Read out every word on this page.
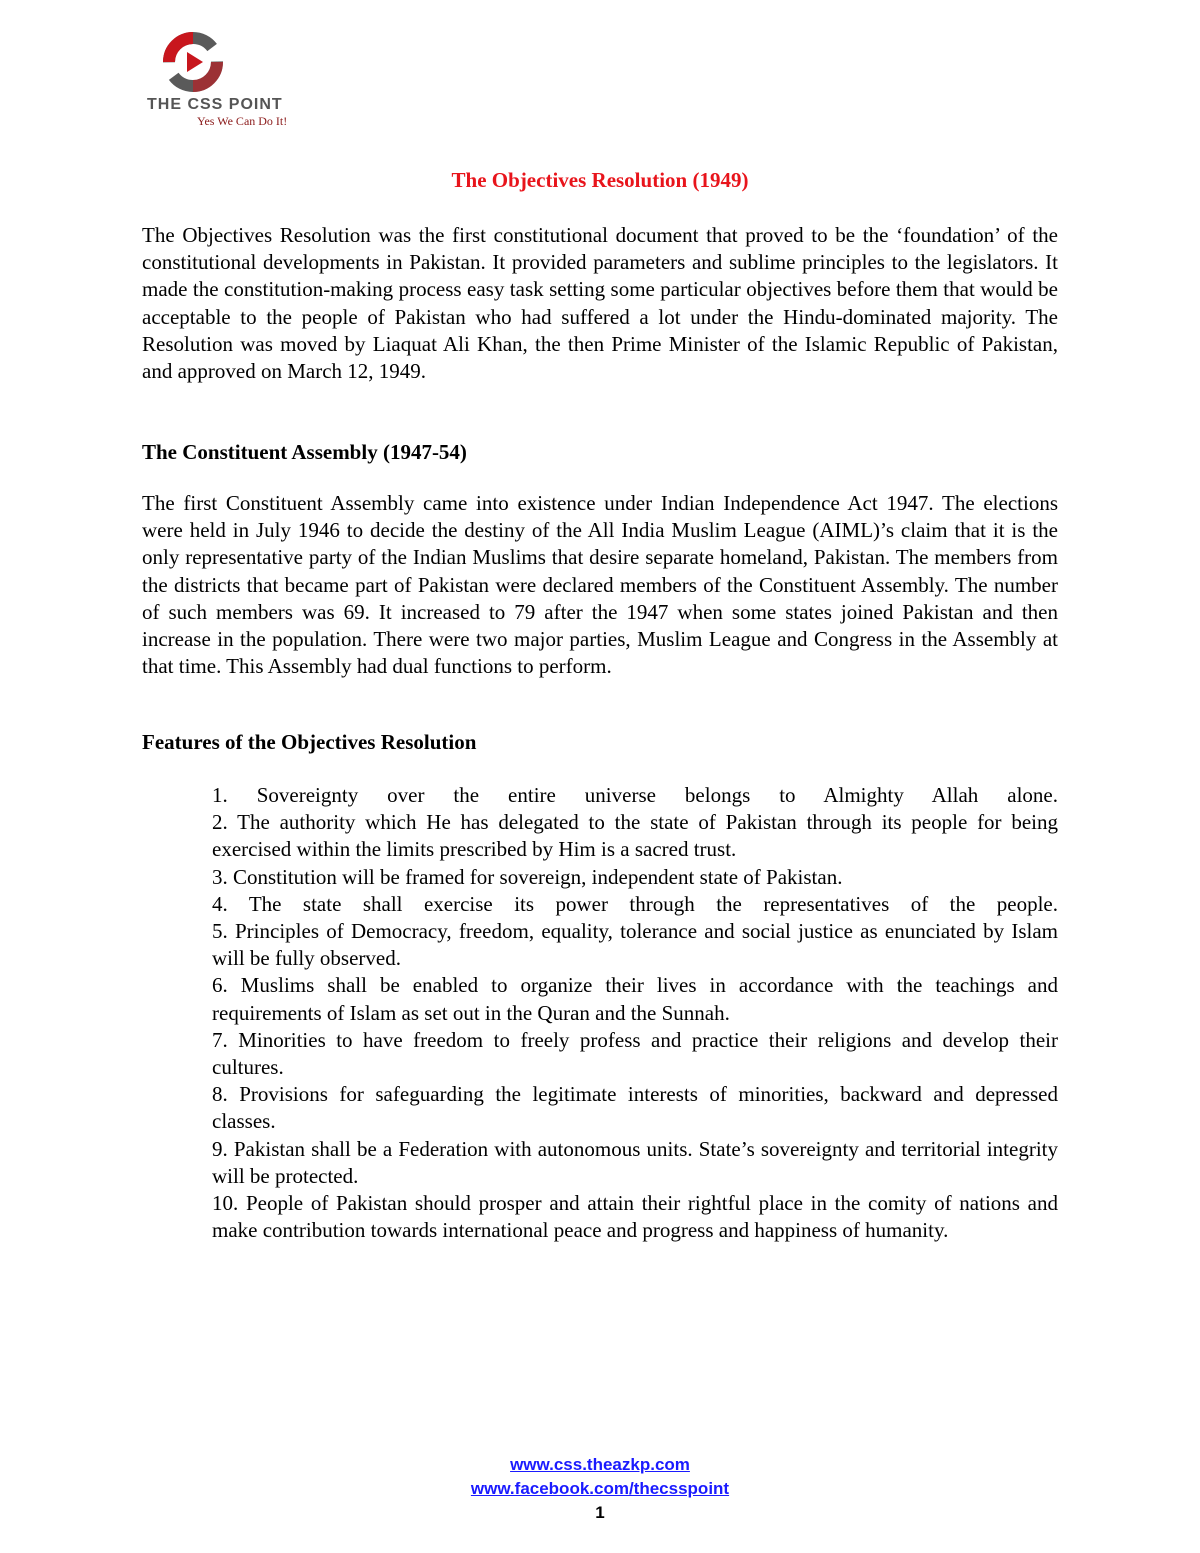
THE CSS POINT
Yes We Can Do It!
The Objectives Resolution (1949)
The Objectives Resolution was the first constitutional document that proved to be the ‘foundation’ of the constitutional developments in Pakistan. It provided parameters and sublime principles to the legislators. It made the constitution-making process easy task setting some particular objectives before them that would be acceptable to the people of Pakistan who had suffered a lot under the Hindu-dominated majority. The Resolution was moved by Liaquat Ali Khan, the then Prime Minister of the Islamic Republic of Pakistan, and approved on March 12, 1949.
The Constituent Assembly (1947-54)
The first Constituent Assembly came into existence under Indian Independence Act 1947. The elections were held in July 1946 to decide the destiny of the All India Muslim League (AIML)’s claim that it is the only representative party of the Indian Muslims that desire separate homeland, Pakistan. The members from the districts that became part of Pakistan were declared members of the Constituent Assembly. The number of such members was 69. It increased to 79 after the 1947 when some states joined Pakistan and then increase in the population. There were two major parties, Muslim League and Congress in the Assembly at that time. This Assembly had dual functions to perform.
Features of the Objectives Resolution
1. Sovereignty over the entire universe belongs to Almighty Allah alone.
2. The authority which He has delegated to the state of Pakistan through its people for being exercised within the limits prescribed by Him is a sacred trust.
3. Constitution will be framed for sovereign, independent state of Pakistan.
4. The state shall exercise its power through the representatives of the people.
5. Principles of Democracy, freedom, equality, tolerance and social justice as enunciated by Islam will be fully observed.
6. Muslims shall be enabled to organize their lives in accordance with the teachings and requirements of Islam as set out in the Quran and the Sunnah.
7. Minorities to have freedom to freely profess and practice their religions and develop their cultures.
8. Provisions for safeguarding the legitimate interests of minorities, backward and depressed classes.
9. Pakistan shall be a Federation with autonomous units. State’s sovereignty and territorial integrity will be protected.
10. People of Pakistan should prosper and attain their rightful place in the comity of nations and make contribution towards international peace and progress and happiness of humanity.
www.css.theazkp.com
www.facebook.com/thecsspoint
1
